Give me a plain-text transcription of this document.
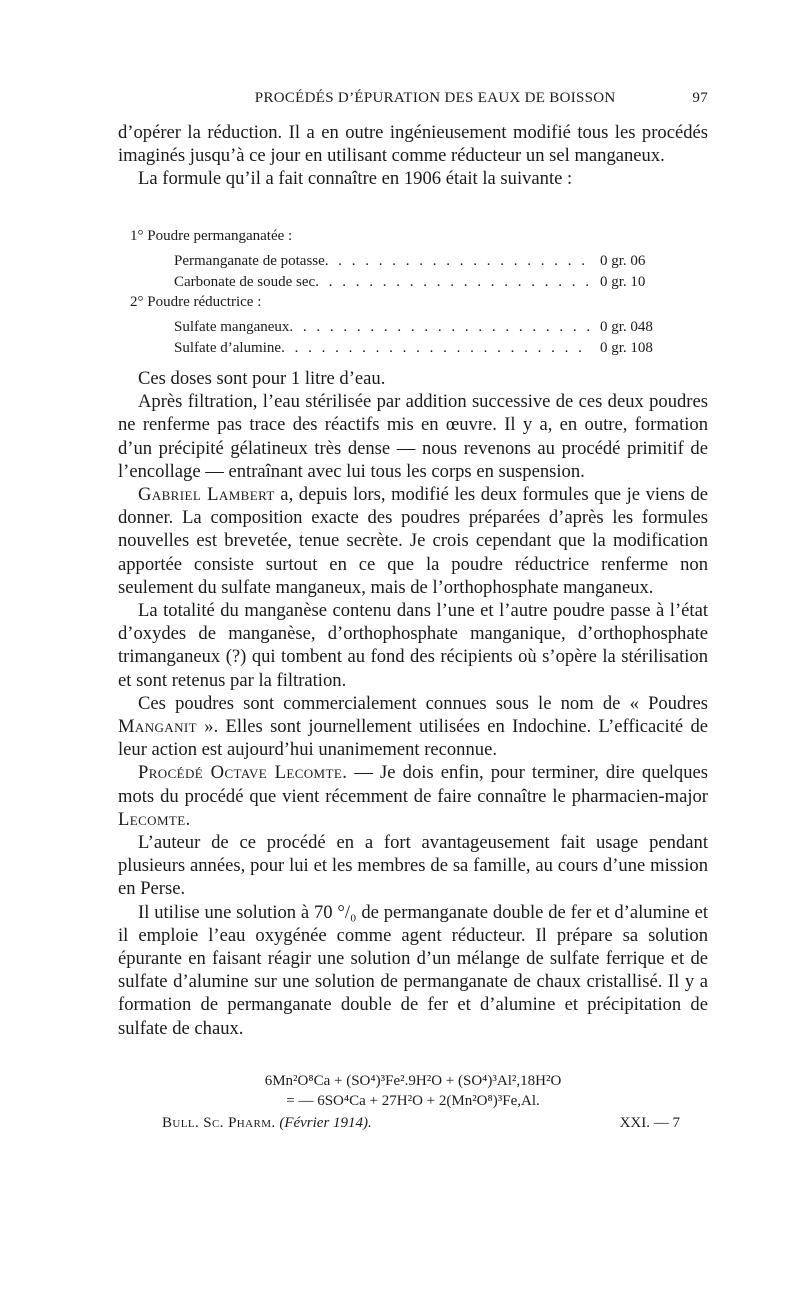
PROCÉDÉS D’ÉPURATION DES EAUX DE BOISSON	97

d’opérer la réduction. Il a en outre ingénieusement modifié tous les procédés imaginés jusqu’à ce jour en utilisant comme réducteur un sel manganeux.

La formule qu’il a fait connaître en 1906 était la suivante :

1° Poudre permanganatée :

Permanganate de potasse . . .	0 gr. 06
Carbonate de soude sec . . .	0 gr. 10

2° Poudre réductrice :

Sulfate manganeux . . .	0 gr. 048
Sulfate d’alumine . . .	0 gr. 108

Ces doses sont pour 1 litre d’eau.

Après filtration, l’eau stérilisée par addition successive de ces deux poudres ne renferme pas trace des réactifs mis en œuvre. Il y a, en outre, formation d’un précipité gélatineux très dense — nous revenons au procédé primitif de l’encollage — entraînant avec lui tous les corps en suspension.

Gabriel Lambert a, depuis lors, modifié les deux formules que je viens de donner. La composition exacte des poudres préparées d’après les formules nouvelles est brevetée, tenue secrète. Je crois cependant que la modification apportée consiste surtout en ce que la poudre réductrice renferme non seulement du sulfate manganeux, mais de l’orthophosphate manganeux.

La totalité du manganèse contenu dans l’une et l’autre poudre passe à l’état d’oxydes de manganèse, d’orthophosphate manganique, d’orthophosphate trimanganeux (?) qui tombent au fond des récipients où s’opère la stérilisation et sont retenus par la filtration.

Ces poudres sont commercialement connues sous le nom de « Poudres Manganit ». Elles sont journellement utilisées en Indochine. L’efficacité de leur action est aujourd’hui unanimement reconnue.

Procédé Octave Lecomte. — Je dois enfin, pour terminer, dire quelques mots du procédé que vient récemment de faire connaître le pharmacien-major Lecomte.

L’auteur de ce procédé en a fort avantageusement fait usage pendant plusieurs années, pour lui et les membres de sa famille, au cours d’une mission en Perse.

Il utilise une solution à 70 °/₀ de permanganate double de fer et d’alumine et il emploie l’eau oxygénée comme agent réducteur. Il prépare sa solution épurante en faisant réagir une solution d’un mélange de sulfate ferrique et de sulfate d’alumine sur une solution de permanganate de chaux cristallisé. Il y a formation de permanganate double de fer et d’alumine et précipitation de sulfate de chaux.

6Mn²O⁸Ca + (SO⁴)³Fe².9H²O + (SO⁴)³Al²,18H²O
= — 6SO⁴Ca + 27H²O + 2(Mn²O⁸)³Fe,Al.
Bull. Sc. Pharm. (Février 1914).	XXI. — 7
